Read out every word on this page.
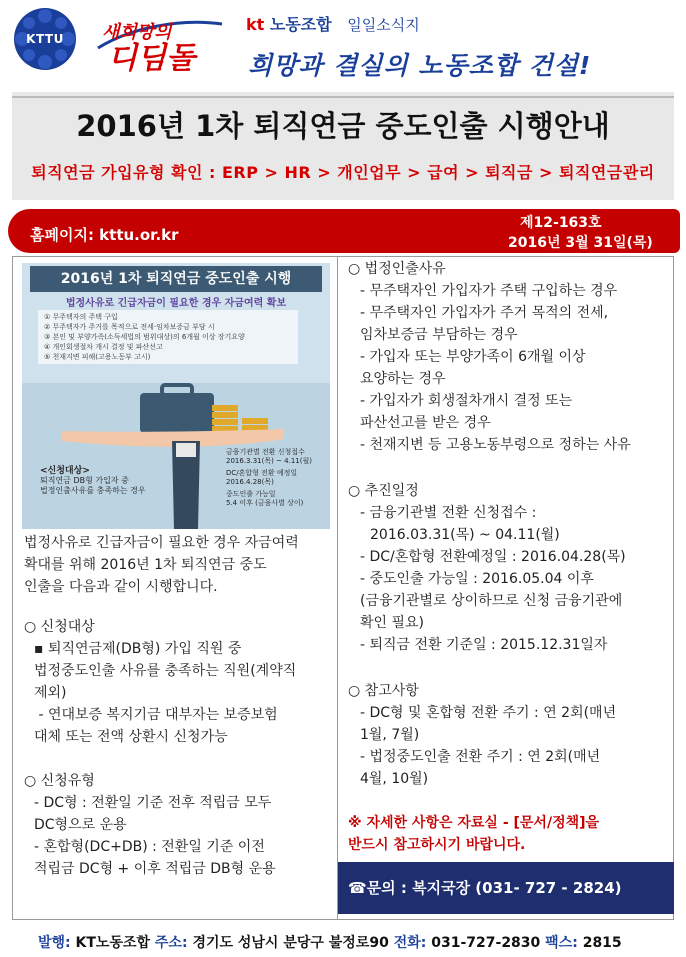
KTTU 새희망의
디딤돌
kt 노동조합 일일소식지
희망과 결실의 노동조합 건설!
2016년 1차 퇴직연금 중도인출 시행안내
퇴직연금 가입유형 확인 : ERP > HR > 개인업무 > 급여 > 퇴직금 > 퇴직연금관리
홈페이지: kttu.or.kr
제12-163호
2016년 3월 31일(목)
2016년 1차 퇴직연금 중도인출 시행
법정사유로 긴급자금이 필요한 경우 자금여력 확보
① 무주택자의 주택 구입
② 무주택자가 주거를 목적으로 전세·임차보증금 부담 시
③ 본인 및 부양가족(소득세법의 범위대상)의 6개월 이상 장기요양
④ 개인회생절차 개시 결정 및 파산선고
⑤ 천재지변 피해(고용노동부 고시)
<신청대상>
퇴직연금 DB형 가입자 중
법정인출사유를 충족하는 경우
금융기관별 전환 신청접수
2016.3.31(목) ~ 4.11(월)
DC/혼합형 전환 예정일
2016.4.28(목)
중도인출 가능일
5.4 이후 (금융사별 상이)
법정사유로 긴급자금이 필요한 경우 자금여력
확대를 위해 2016년 1차 퇴직연금 중도
인출을 다음과 같이 시행합니다.
○ 신청대상
▪ 퇴직연금제(DB형) 가입 직원 중
법정중도인출 사유를 충족하는 직원(계약직
제외)
- 연대보증 복지기금 대부자는 보증보험
대체 또는 전액 상환시 신청가능
○ 신청유형
- DC형 : 전환일 기준 전후 적립금 모두
DC형으로 운용
- 혼합형(DC+DB) : 전환일 기준 이전
적립금 DC형 + 이후 적립금 DB형 운용
○ 법정인출사유
- 무주택자인 가입자가 주택 구입하는 경우
- 무주택자인 가입자가 주거 목적의 전세,
임차보증금 부담하는 경우
- 가입자 또는 부양가족이 6개월 이상
요양하는 경우
- 가입자가 회생절차개시 결정 또는
파산선고를 받은 경우
- 천재지변 등 고용노동부령으로 정하는 사유
○ 추진일정
- 금융기관별 전환 신청접수 :
2016.03.31(목) ~ 04.11(월)
- DC/혼합형 전환예정일 : 2016.04.28(목)
- 중도인출 가능일 : 2016.05.04 이후
(금융기관별로 상이하므로 신청 금융기관에
확인 필요)
- 퇴직금 전환 기준일 : 2015.12.31일자
○ 참고사항
- DC형 및 혼합형 전환 주기 : 연 2회(매년
1월, 7월)
- 법정중도인출 전환 주기 : 연 2회(매년
4월, 10월)
※ 자세한 사항은 자료실 - [문서/정책]을
반드시 참고하시기 바랍니다.
☎문의 : 복지국장 (031- 727 - 2824)
발행: KT노동조합 주소: 경기도 성남시 분당구 불정로90 전화: 031-727-2830 팩스: 2815
